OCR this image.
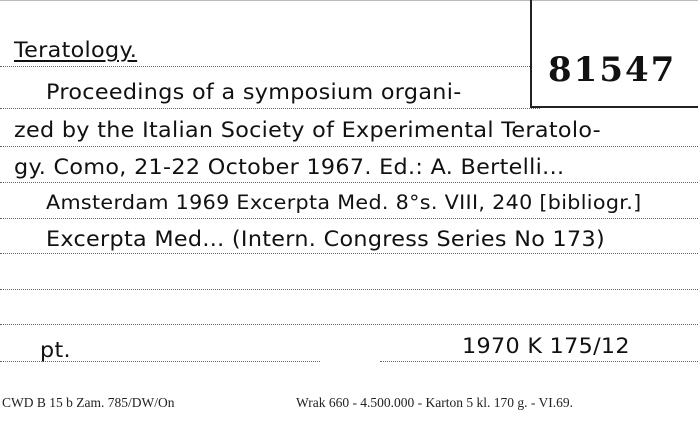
Teratology.	81547
Proceedings of a symposium organi-
zed by the Italian Society of Experimental Teratolo-
gy. Como, 21-22 October 1967. Ed.: A. Bertelli...
Amsterdam 1969 Excerpta Med. 8°s. VIII, 240 [bibliogr.]
Excerpta Med... (Intern. Congress Series No 173)
pt.	1970 K 175/12
CWD B 15 b Zam. 785/DW/On	Wrak 660 - 4.500.000 - Karton 5 kl. 170 g. - VI.69.
